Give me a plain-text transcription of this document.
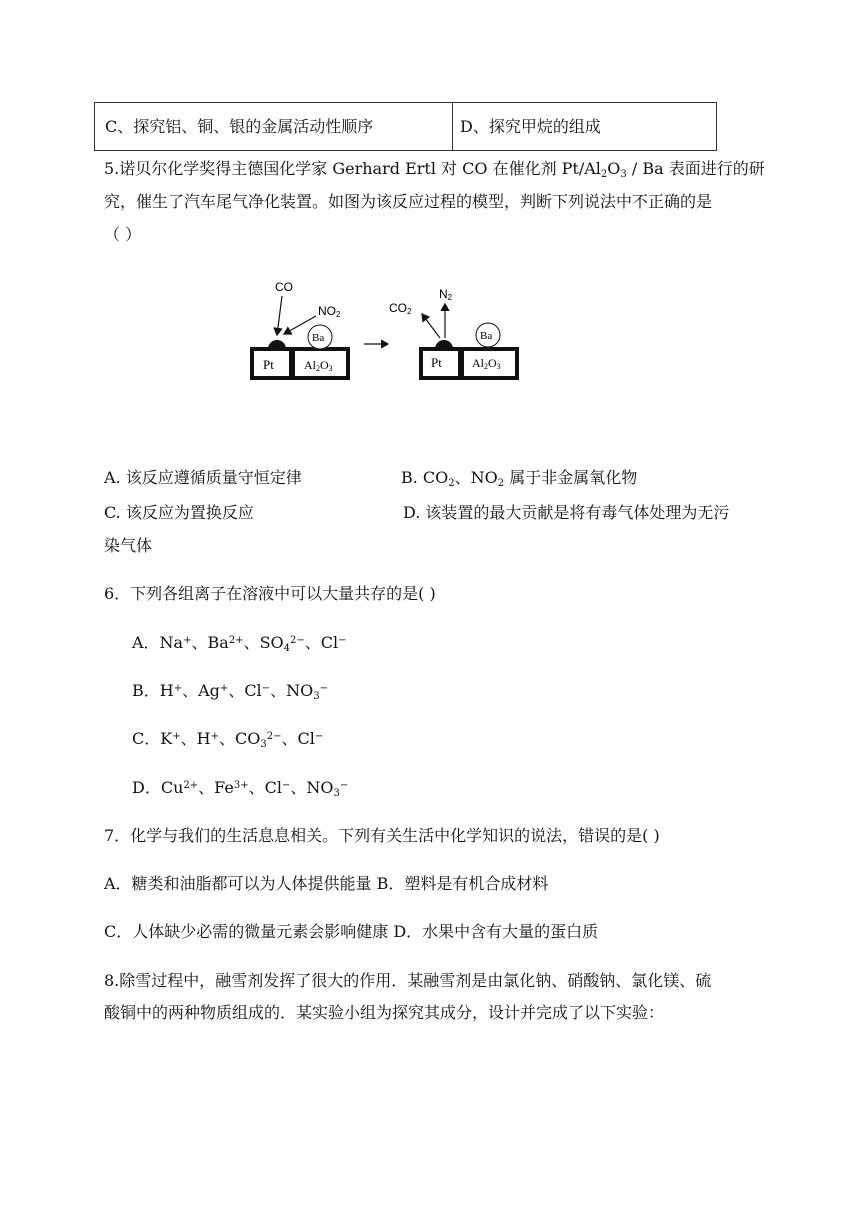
C、探究铝、铜、银的金属活动性顺序	D、探究甲烷的组成
5.诺贝尔化学奖得主德国化学家 Gerhard Ertl 对 CO 在催化剂 $Pt/Al_2O_3$ / Ba 表面进行的研
究，催生了汽车尾气净化装置。如图为该反应过程的模型，判断下列说法中不正确的是
（ ）
Pt	Al2O3
Ba
CO
NO2
Pt	Al2O3
Ba
CO2
N2
A. 该反应遵循质量守恒定律	B. $CO_2$、$NO_2$ 属于非金属氧化物
C. 该反应为置换反应	D. 该装置的最大贡献是将有毒气体处理为无污
染气体
6．下列各组离子在溶液中可以大量共存的是( )
A．Na+、$Ba^{2+}$、$SO_4^{2-}$、Cl−
B．H+、Ag+、Cl−、$NO_3^-$
C．K+、H+、$CO_3^{2-}$、Cl−
D．$Cu^{2+}$、$Fe^{3+}$、Cl−、$NO_3^-$
7．化学与我们的生活息息相关。下列有关生活中化学知识的说法，错误的是( )
A．糖类和油脂都可以为人体提供能量 B．塑料是有机合成材料
C．人体缺少必需的微量元素会影响健康 D．水果中含有大量的蛋白质
8.除雪过程中，融雪剂发挥了很大的作用．某融雪剂是由氯化钠、硝酸钠、氯化镁、硫
酸铜中的两种物质组成的．某实验小组为探究其成分，设计并完成了以下实验：
